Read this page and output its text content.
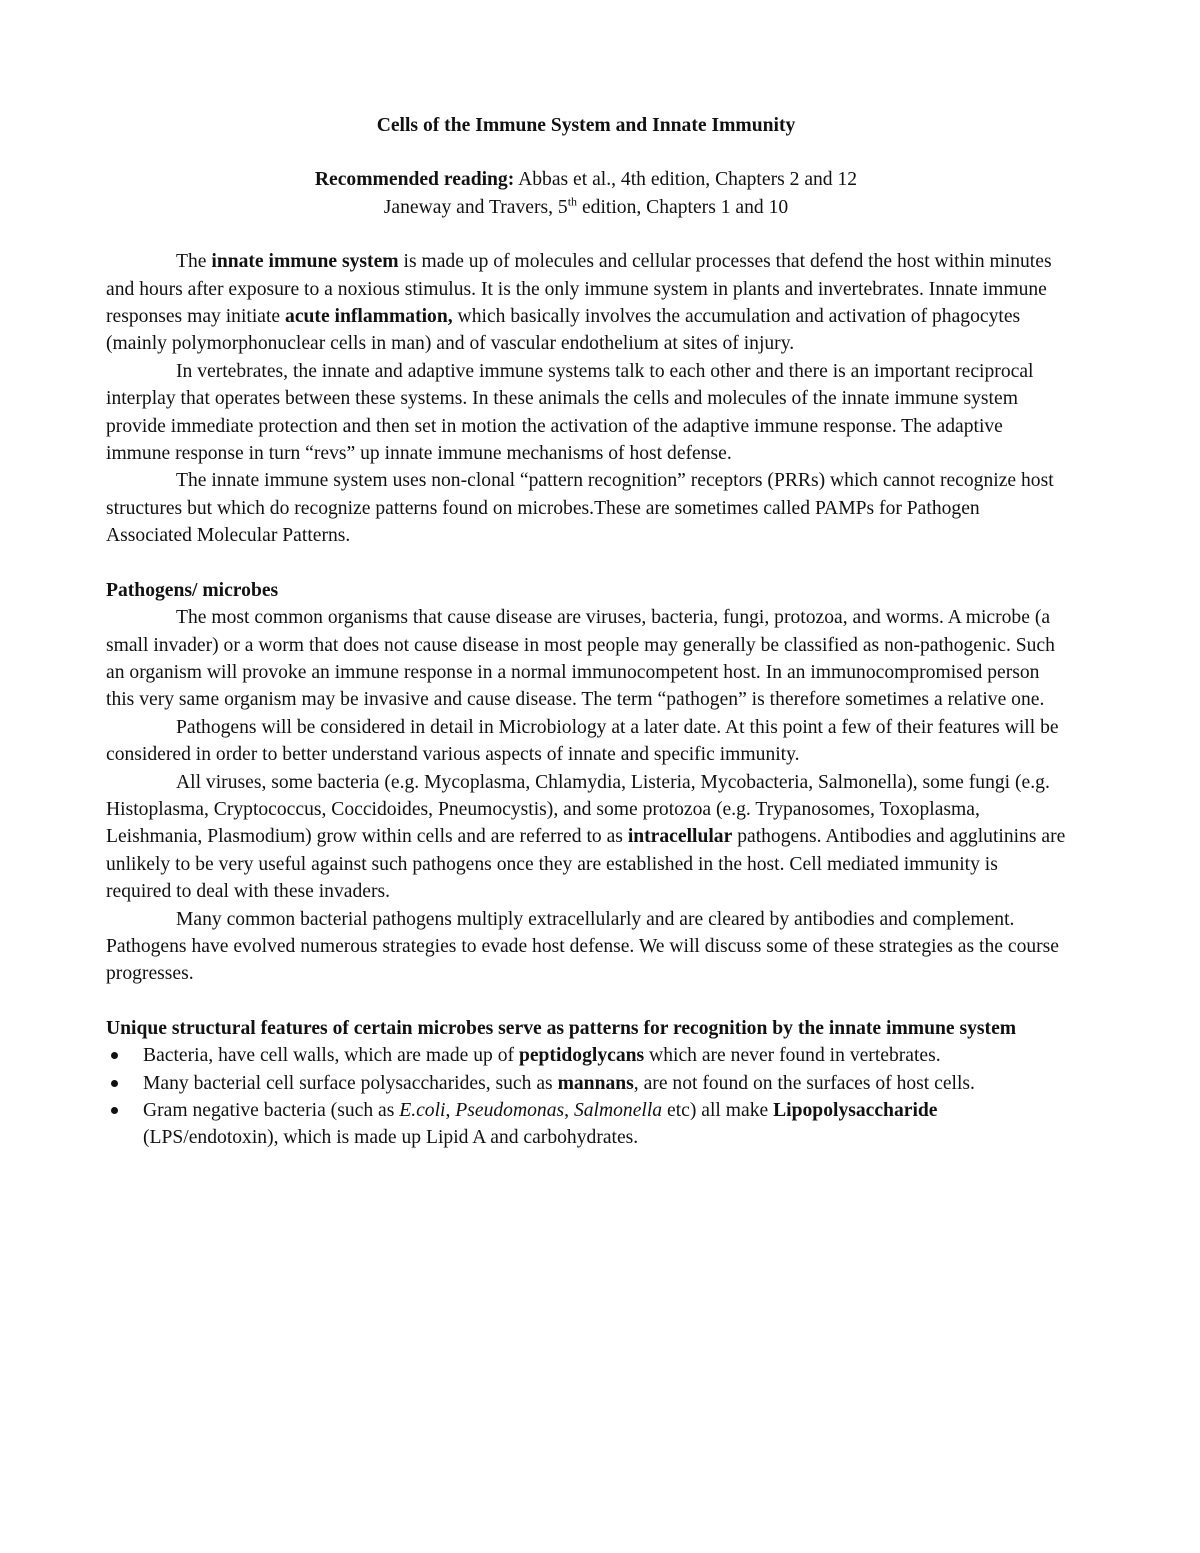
Cells of the Immune System and Innate Immunity

Recommended reading: Abbas et al., 4th edition, Chapters 2 and 12
Janeway and Travers, 5th edition, Chapters 1 and 10

The innate immune system is made up of molecules and cellular processes that defend the host within minutes and hours after exposure to a noxious stimulus. It is the only immune system in plants and invertebrates. Innate immune responses may initiate acute inflammation, which basically involves the accumulation and activation of phagocytes (mainly polymorphonuclear cells in man) and of vascular endothelium at sites of injury.

In vertebrates, the innate and adaptive immune systems talk to each other and there is an important reciprocal interplay that operates between these systems. In these animals the cells and molecules of the innate immune system provide immediate protection and then set in motion the activation of the adaptive immune response. The adaptive immune response in turn “revs” up innate immune mechanisms of host defense.

The innate immune system uses non-clonal “pattern recognition” receptors (PRRs) which cannot recognize host structures but which do recognize patterns found on microbes.These are sometimes called PAMPs for Pathogen Associated Molecular Patterns.

Pathogens/ microbes

The most common organisms that cause disease are viruses, bacteria, fungi, protozoa, and worms. A microbe (a small invader) or a worm that does not cause disease in most people may generally be classified as non-pathogenic. Such an organism will provoke an immune response in a normal immunocompetent host. In an immunocompromised person this very same organism may be invasive and cause disease. The term “pathogen” is therefore sometimes a relative one.

Pathogens will be considered in detail in Microbiology at a later date. At this point a few of their features will be considered in order to better understand various aspects of innate and specific immunity.

All viruses, some bacteria (e.g. Mycoplasma, Chlamydia, Listeria, Mycobacteria, Salmonella), some fungi (e.g. Histoplasma, Cryptococcus, Coccidoides, Pneumocystis), and some protozoa (e.g. Trypanosomes, Toxoplasma, Leishmania, Plasmodium) grow within cells and are referred to as intracellular pathogens. Antibodies and agglutinins are unlikely to be very useful against such pathogens once they are established in the host. Cell mediated immunity is required to deal with these invaders.

Many common bacterial pathogens multiply extracellularly and are cleared by antibodies and complement. Pathogens have evolved numerous strategies to evade host defense. We will discuss some of these strategies as the course progresses.

Unique structural features of certain microbes serve as patterns for recognition by the innate immune system
Bacteria, have cell walls, which are made up of peptidoglycans which are never found in vertebrates.
Many bacterial cell surface polysaccharides, such as mannans, are not found on the surfaces of host cells.
Gram negative bacteria (such as E.coli, Pseudomonas, Salmonella etc) all make Lipopolysaccharide (LPS/endotoxin), which is made up Lipid A and carbohydrates.
